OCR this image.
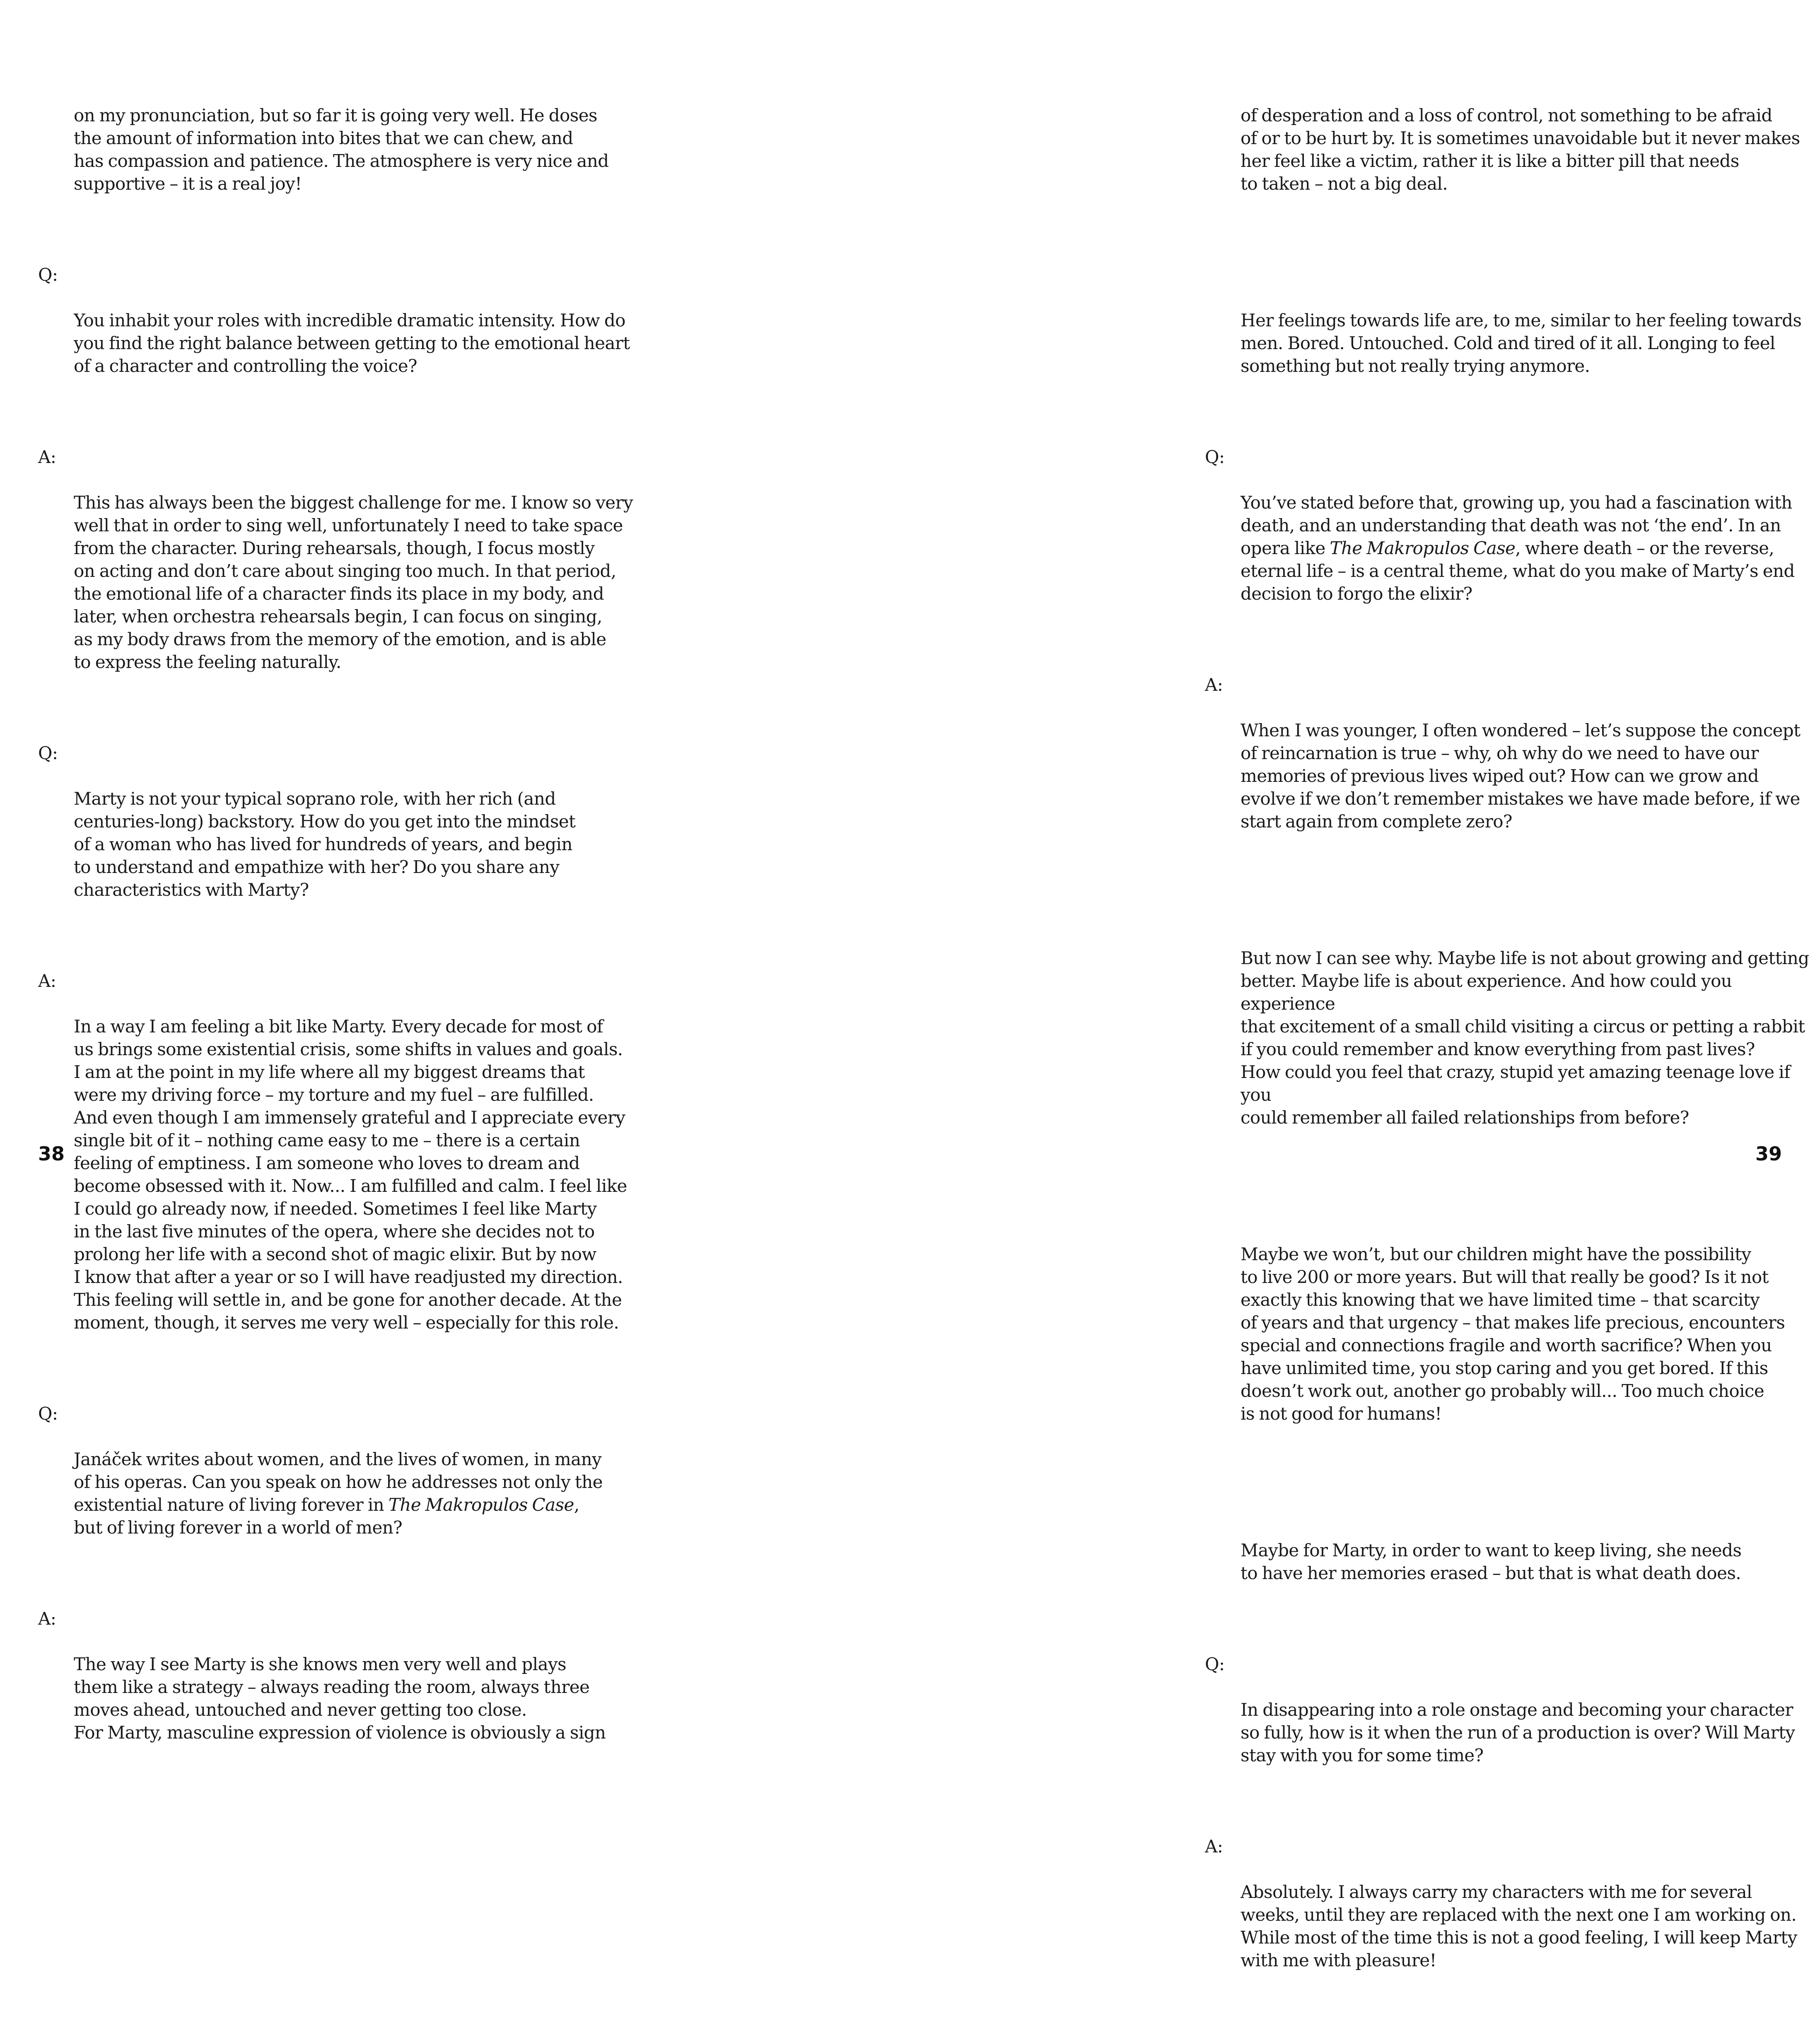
on my pronunciation, but so far it is going very well. He doses
the amount of information into bites that we can chew, and
has compassion and patience. The atmosphere is very nice and
supportive – it is a real joy!

Q:

You inhabit your roles with incredible dramatic intensity. How do
you find the right balance between getting to the emotional heart
of a character and controlling the voice?

A:

This has always been the biggest challenge for me. I know so very
well that in order to sing well, unfortunately I need to take space
from the character. During rehearsals, though, I focus mostly
on acting and don’t care about singing too much. In that period,
the emotional life of a character finds its place in my body, and
later, when orchestra rehearsals begin, I can focus on singing,
as my body draws from the memory of the emotion, and is able
to express the feeling naturally.

Q:

Marty is not your typical soprano role, with her rich (and
centuries-long) backstory. How do you get into the mindset
of a woman who has lived for hundreds of years, and begin
to understand and empathize with her? Do you share any
characteristics with Marty?

A:

In a way I am feeling a bit like Marty. Every decade for most of
us brings some existential crisis, some shifts in values and goals.
I am at the point in my life where all my biggest dreams that
were my driving force – my torture and my fuel – are fulfilled.
And even though I am immensely grateful and I appreciate every
single bit of it – nothing came easy to me – there is a certain
feeling of emptiness. I am someone who loves to dream and
become obsessed with it. Now... I am fulfilled and calm. I feel like
I could go already now, if needed. Sometimes I feel like Marty
in the last five minutes of the opera, where she decides not to
prolong her life with a second shot of magic elixir. But by now
I know that after a year or so I will have readjusted my direction.
This feeling will settle in, and be gone for another decade. At the
moment, though, it serves me very well – especially for this role.

Q:

Janáček writes about women, and the lives of women, in many
of his operas. Can you speak on how he addresses not only the
existential nature of living forever in The Makropulos Case,
but of living forever in a world of men?

A:

The way I see Marty is she knows men very well and plays
them like a strategy – always reading the room, always three
moves ahead, untouched and never getting too close.
For Marty, masculine expression of violence is obviously a sign

38

of desperation and a loss of control, not something to be afraid
of or to be hurt by. It is sometimes unavoidable but it never makes
her feel like a victim, rather it is like a bitter pill that needs
to taken – not a big deal.

Her feelings towards life are, to me, similar to her feeling towards
men. Bored. Untouched. Cold and tired of it all. Longing to feel
something but not really trying anymore.

Q:

You’ve stated before that, growing up, you had a fascination with
death, and an understanding that death was not ‘the end’. In an
opera like The Makropulos Case, where death – or the reverse,
eternal life – is a central theme, what do you make of Marty’s end
decision to forgo the elixir?

A:

When I was younger, I often wondered – let’s suppose the concept
of reincarnation is true – why, oh why do we need to have our
memories of previous lives wiped out? How can we grow and
evolve if we don’t remember mistakes we have made before, if we
start again from complete zero?

But now I can see why. Maybe life is not about growing and getting
better. Maybe life is about experience. And how could you experience
that excitement of a small child visiting a circus or petting a rabbit
if you could remember and know everything from past lives?
How could you feel that crazy, stupid yet amazing teenage love if you
could remember all failed relationships from before?

Maybe we won’t, but our children might have the possibility
to live 200 or more years. But will that really be good? Is it not
exactly this knowing that we have limited time – that scarcity
of years and that urgency – that makes life precious, encounters
special and connections fragile and worth sacrifice? When you
have unlimited time, you stop caring and you get bored. If this
doesn’t work out, another go probably will... Too much choice
is not good for humans!

Maybe for Marty, in order to want to keep living, she needs
to have her memories erased – but that is what death does.

Q:

In disappearing into a role onstage and becoming your character
so fully, how is it when the run of a production is over? Will Marty
stay with you for some time?

A:

Absolutely. I always carry my characters with me for several
weeks, until they are replaced with the next one I am working on.
While most of the time this is not a good feeling, I will keep Marty
with me with pleasure!

39
